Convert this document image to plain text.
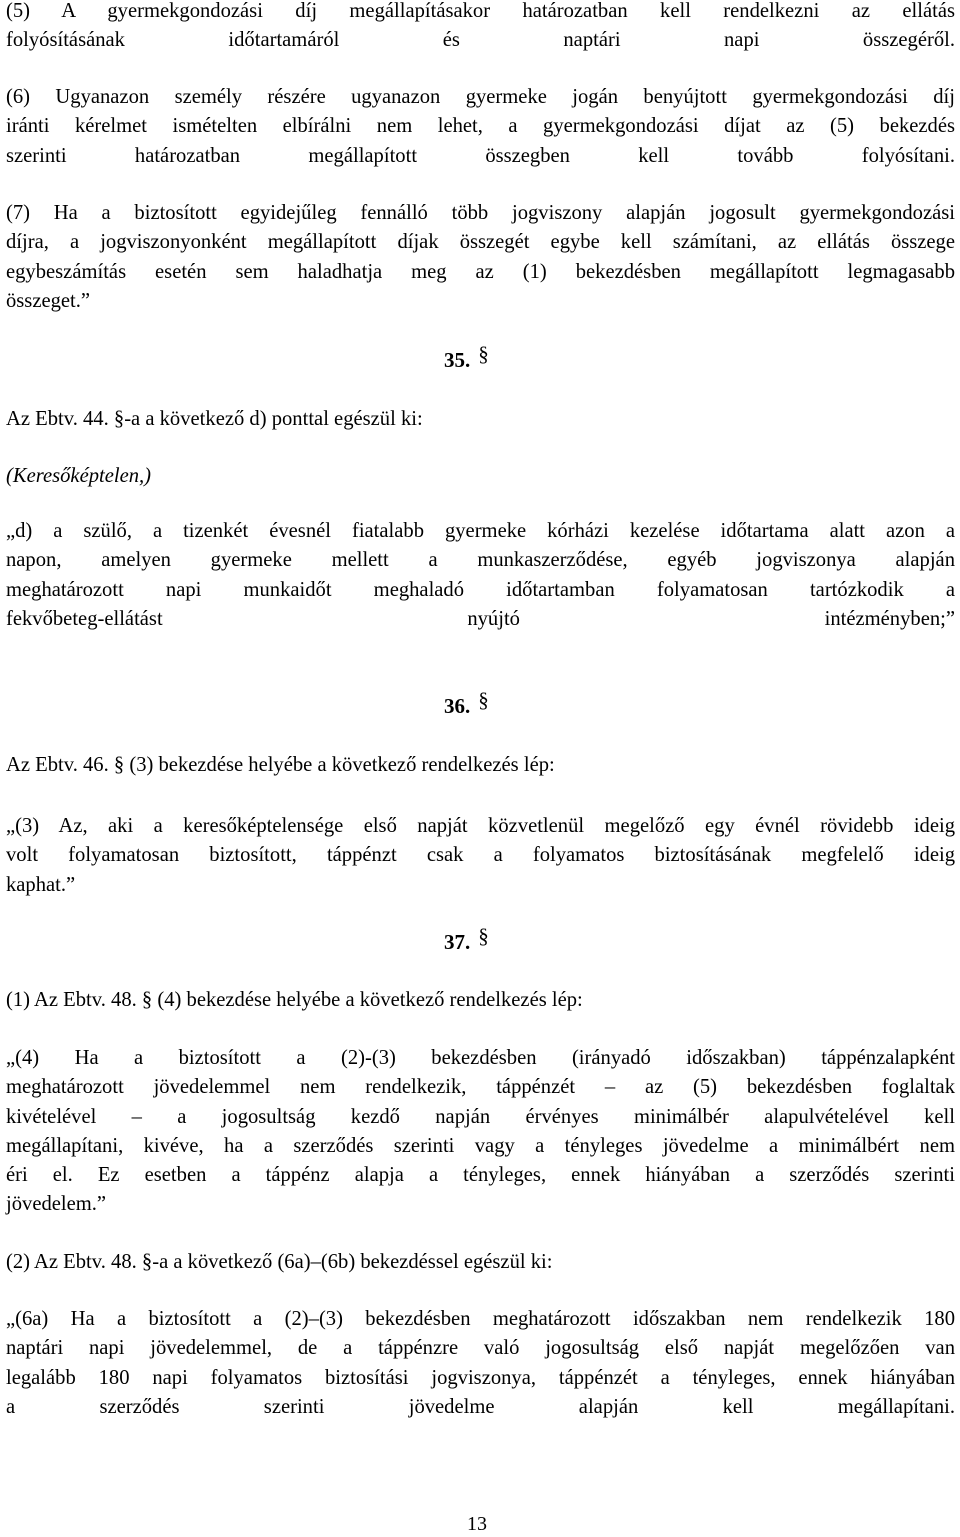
(5) A gyermekgondozási díj megállapításakor határozatban kell rendelkezni az ellátás
folyósításának időtartamáról és naptári napi összegéről.
(6) Ugyanazon személy részére ugyanazon gyermeke jogán benyújtott gyermekgondozási díj
iránti kérelmet ismételten elbírálni nem lehet, a gyermekgondozási díjat az (5) bekezdés
szerinti határozatban megállapított összegben kell tovább folyósítani.
(7) Ha a biztosított egyidejűleg fennálló több jogviszony alapján jogosult gyermekgondozási
díjra, a jogviszonyonként megállapított díjak összegét egybe kell számítani, az ellátás összege
egybeszámítás esetén sem haladhatja meg az (1) bekezdésben megállapított legmagasabb
összeget.”
35. §
Az Ebtv. 44. §-a a következő d) ponttal egészül ki:
(Keresőképtelen,)
„d) a szülő, a tizenkét évesnél fiatalabb gyermeke kórházi kezelése időtartama alatt azon a
napon, amelyen gyermeke mellett a munkaszerződése, egyéb jogviszonya alapján
meghatározott napi munkaidőt meghaladó időtartamban folyamatosan tartózkodik a
fekvőbeteg-ellátást nyújtó intézményben;”
36. §
Az Ebtv. 46. § (3) bekezdése helyébe a következő rendelkezés lép:
„(3) Az, aki a keresőképtelensége első napját közvetlenül megelőző egy évnél rövidebb ideig
volt folyamatosan biztosított, táppénzt csak a folyamatos biztosításának megfelelő ideig
kaphat.”
37. §
(1) Az Ebtv. 48. § (4) bekezdése helyébe a következő rendelkezés lép:
„(4) Ha a biztosított a (2)-(3) bekezdésben (irányadó időszakban) táppénzalapként
meghatározott jövedelemmel nem rendelkezik, táppénzét – az (5) bekezdésben foglaltak
kivételével – a jogosultság kezdő napján érvényes minimálbér alapulvételével kell
megállapítani, kivéve, ha a szerződés szerinti vagy a tényleges jövedelme a minimálbért nem
éri el. Ez esetben a táppénz alapja a tényleges, ennek hiányában a szerződés szerinti
jövedelem.”
(2) Az Ebtv. 48. §-a a következő (6a)–(6b) bekezdéssel egészül ki:
„(6a) Ha a biztosított a (2)–(3) bekezdésben meghatározott időszakban nem rendelkezik 180
naptári napi jövedelemmel, de a táppénzre való jogosultság első napját megelőzően van
legalább 180 napi folyamatos biztosítási jogviszonya, táppénzét a tényleges, ennek hiányában
a szerződés szerinti jövedelme alapján kell megállapítani.
13
